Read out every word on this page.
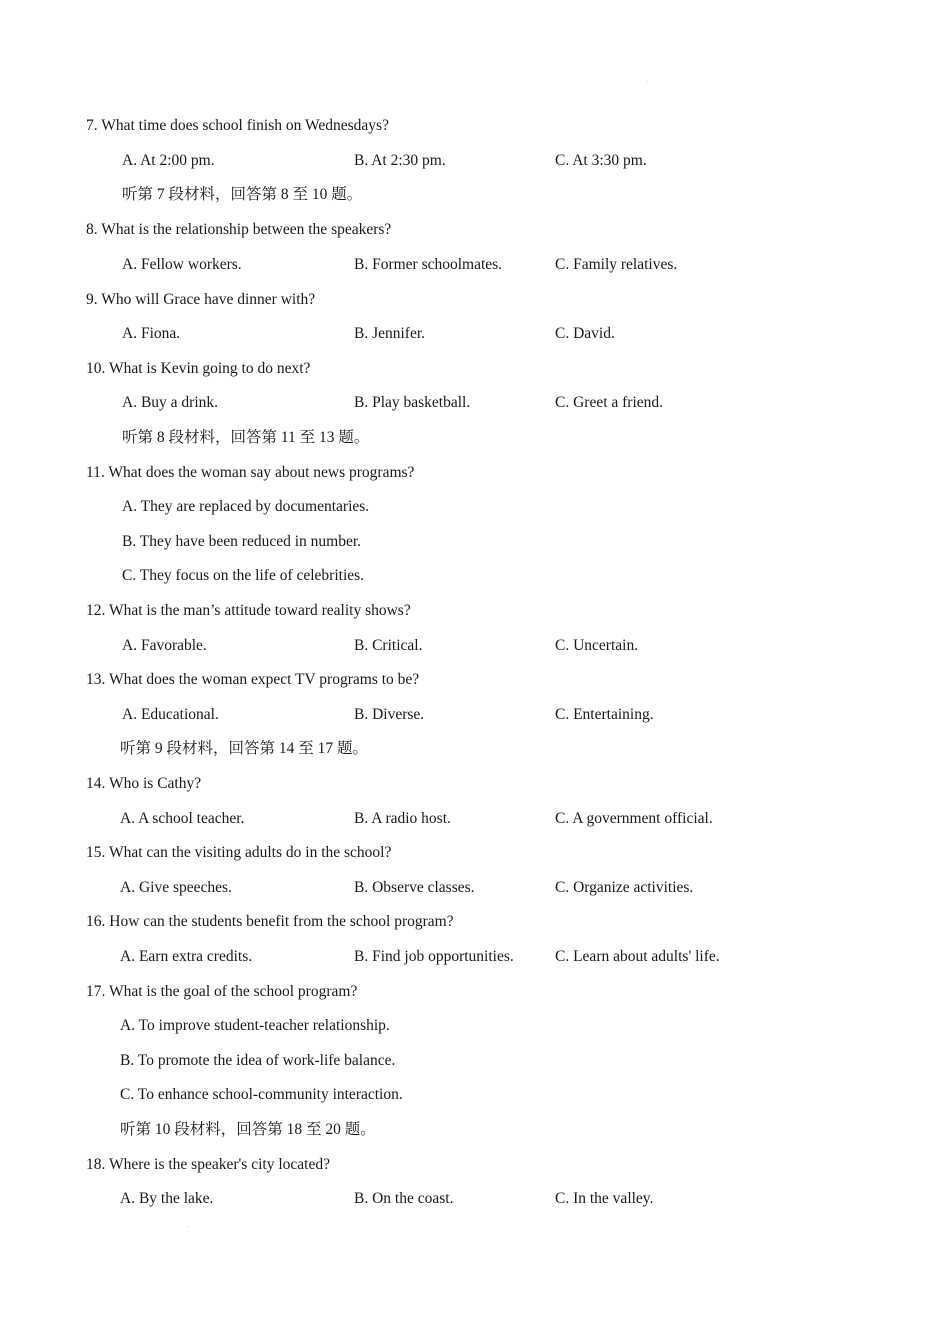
7. What time does school finish on Wednesdays?
A. At 2:00 pm.	B. At 2:30 pm.	C. At 3:30 pm.
听第 7 段材料，回答第 8 至 10 题。
8. What is the relationship between the speakers?
A. Fellow workers.	B. Former schoolmates.	C. Family relatives.
9. Who will Grace have dinner with?
A. Fiona.	B. Jennifer.	C. David.
10. What is Kevin going to do next?
A. Buy a drink.	B. Play basketball.	C. Greet a friend.
听第 8 段材料，回答第 11 至 13 题。
11. What does the woman say about news programs?
A. They are replaced by documentaries.
B. They have been reduced in number.
C. They focus on the life of celebrities.
12. What is the man’s attitude toward reality shows?
A. Favorable.	B. Critical.	C. Uncertain.
13. What does the woman expect TV programs to be?
A. Educational.	B. Diverse.	C. Entertaining.
听第 9 段材料，回答第 14 至 17 题。
14. Who is Cathy?
A. A school teacher.	B. A radio host.	C. A government official.
15. What can the visiting adults do in the school?
A. Give speeches.	B. Observe classes.	C. Organize activities.
16. How can the students benefit from the school program?
A. Earn extra credits.	B. Find job opportunities.	C. Learn about adults' life.
17. What is the goal of the school program?
A. To improve student-teacher relationship.
B. To promote the idea of work-life balance.
C. To enhance school-community interaction.
听第 10 段材料，回答第 18 至 20 题。
18. Where is the speaker's city located?
A. By the lake.	B. On the coast.	C. In the valley.
